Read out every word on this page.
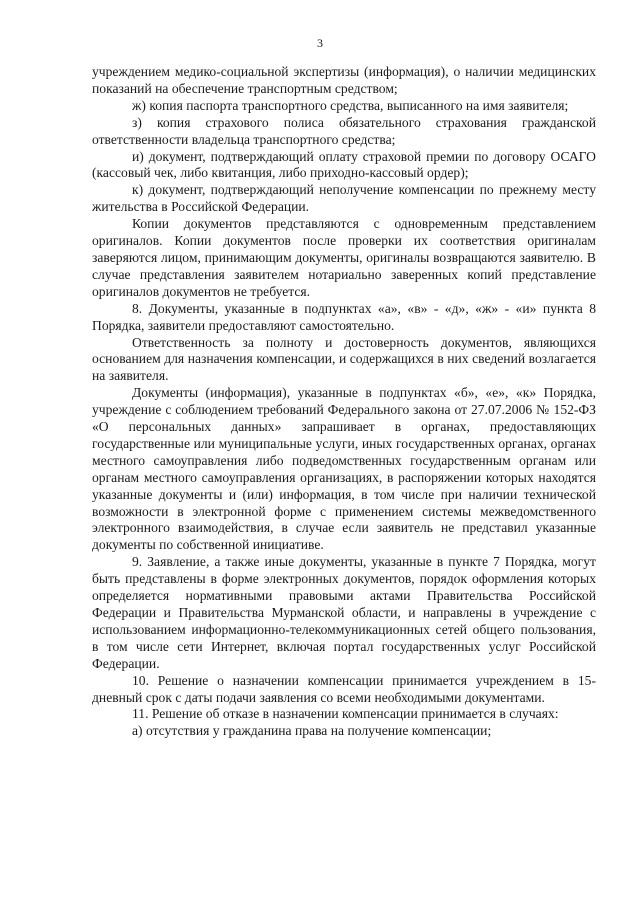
3

учреждением медико-социальной экспертизы (информация), о наличии медицинских показаний на обеспечение транспортным средством;

ж) копия паспорта транспортного средства, выписанного на имя заявителя;

з) копия страхового полиса обязательного страхования гражданской ответственности владельца транспортного средства;

и) документ, подтверждающий оплату страховой премии по договору ОСАГО (кассовый чек, либо квитанция, либо приходно-кассовый ордер);

к) документ, подтверждающий неполучение компенсации по прежнему месту жительства в Российской Федерации.

Копии документов представляются с одновременным представлением оригиналов. Копии документов после проверки их соответствия оригиналам заверяются лицом, принимающим документы, оригиналы возвращаются заявителю. В случае представления заявителем нотариально заверенных копий представление оригиналов документов не требуется.

8. Документы, указанные в подпунктах «а», «в» - «д», «ж» - «и» пункта 8 Порядка, заявители предоставляют самостоятельно.

Ответственность за полноту и достоверность документов, являющихся основанием для назначения компенсации, и содержащихся в них сведений возлагается на заявителя.

Документы (информация), указанные в подпунктах «б», «е», «к» Порядка, учреждение с соблюдением требований Федерального закона от 27.07.2006 № 152-ФЗ «О персональных данных» запрашивает в органах, предоставляющих государственные или муниципальные услуги, иных государственных органах, органах местного самоуправления либо подведомственных государственным органам или органам местного самоуправления организациях, в распоряжении которых находятся указанные документы и (или) информация, в том числе при наличии технической возможности в электронной форме с применением системы межведомственного электронного взаимодействия, в случае если заявитель не представил указанные документы по собственной инициативе.

9. Заявление, а также иные документы, указанные в пункте 7 Порядка, могут быть представлены в форме электронных документов, порядок оформления которых определяется нормативными правовыми актами Правительства Российской Федерации и Правительства Мурманской области, и направлены в учреждение с использованием информационно-телекоммуникационных сетей общего пользования, в том числе сети Интернет, включая портал государственных услуг Российской Федерации.

10. Решение о назначении компенсации принимается учреждением в 15-дневный срок с даты подачи заявления со всеми необходимыми документами.

11. Решение об отказе в назначении компенсации принимается в случаях:

а) отсутствия у гражданина права на получение компенсации;
